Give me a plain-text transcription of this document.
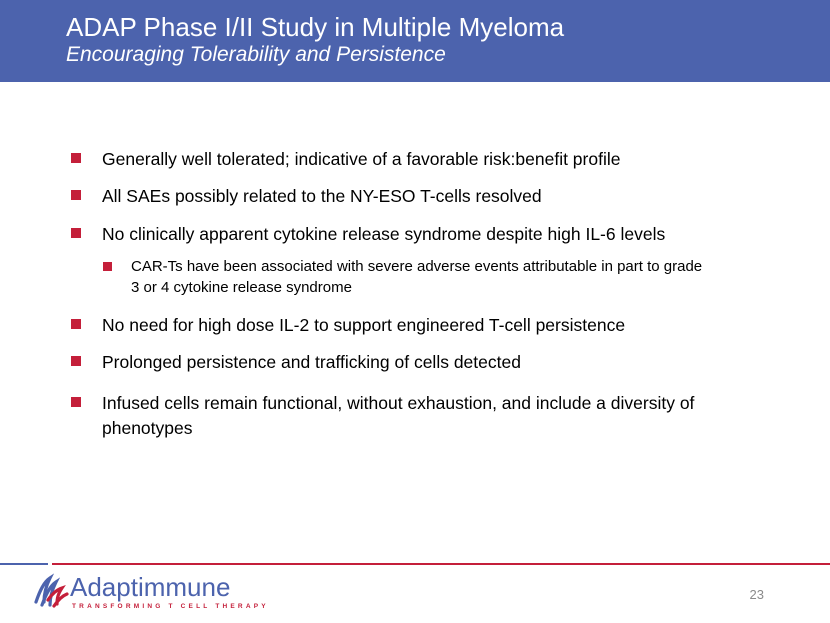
ADAP Phase I/II Study in Multiple Myeloma
Encouraging Tolerability and Persistence
Generally well tolerated; indicative of a favorable risk:benefit profile
All SAEs possibly related to the NY-ESO T-cells resolved
No clinically apparent cytokine release syndrome despite high IL-6 levels
CAR-Ts have been associated with severe adverse events attributable in part to grade
3 or 4 cytokine release syndrome
No need for high dose IL-2 to support engineered T-cell persistence
Prolonged persistence and trafficking of cells detected
Infused cells remain functional, without exhaustion, and include a diversity of
phenotypes
Adaptimmune
TRANSFORMING T CELL THERAPY
23
